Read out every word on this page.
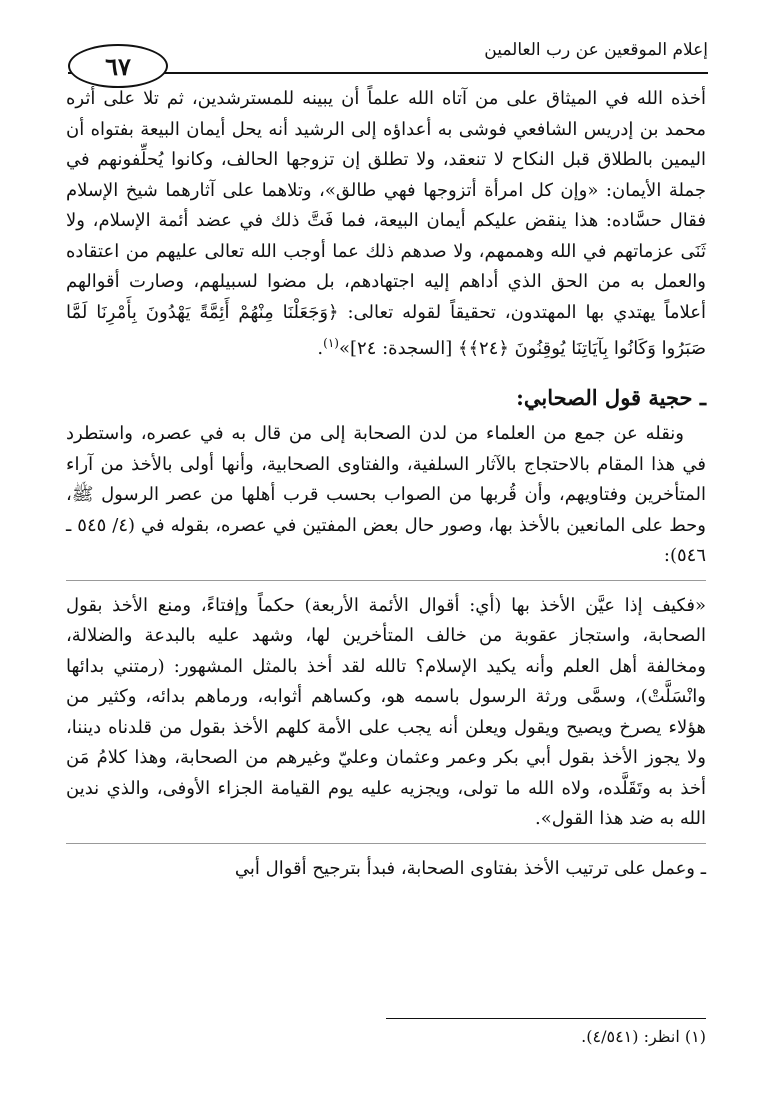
٦٧
إعلام الموقعين عن رب العالمين

أخذه الله في الميثاق على من آتاه الله علماً أن يبينه للمسترشدين، ثم تلا على أثره محمد بن إدريس الشافعي فوشى به أعداؤه إلى الرشيد أنه يحل أيمان البيعة بفتواه أن اليمين بالطلاق قبل النكاح لا تنعقد، ولا تطلق إن تزوجها الحالف، وكانوا يُحلِّفونهم في جملة الأيمان: «وإن كل امرأة أتزوجها فهي طالق»، وتلاهما على آثارهما شيخ الإسلام فقال حسَّاده: هذا ينقض عليكم أيمان البيعة، فما فَتَّ ذلك في عضد أئمة الإسلام، ولا ثَنَى عزماتهم في الله وهممهم، ولا صدهم ذلك عما أوجب الله تعالى عليهم من اعتقاده والعمل به من الحق الذي أداهم إليه اجتهادهم، بل مضوا لسبيلهم، وصارت أقوالهم أعلاماً يهتدي بها المهتدون، تحقيقاً لقوله تعالى: ﴿وَجَعَلْنَا مِنْهُمْ أَئِمَّةً يَهْدُونَ بِأَمْرِنَا لَمَّا صَبَرُوا وَكَانُوا بِآيَاتِنَا يُوقِنُونَ ﴿٢٤﴾﴾ [السجدة: ٢٤]»$^{(١)}$.

ـ حجية قول الصحابي:

ونقله عن جمع من العلماء من لدن الصحابة إلى من قال به في عصره، واستطرد في هذا المقام بالاحتجاج بالآثار السلفية، والفتاوى الصحابية، وأنها أولى بالأخذ من آراء المتأخرين وفتاويهم، وأن قُربها من الصواب بحسب قرب أهلها من عصر الرسول ﷺ، وحط على المانعين بالأخذ بها، وصور حال بعض المفتين في عصره، بقوله في (٤/ ٥٤٥ ـ ٥٤٦):

«فكيف إذا عيَّن الأخذ بها (أي: أقوال الأئمة الأربعة) حكماً وإفتاءً، ومنع الأخذ بقول الصحابة، واستجاز عقوبة من خالف المتأخرين لها، وشهد عليه بالبدعة والضلالة، ومخالفة أهل العلم وأنه يكيد الإسلام؟ تالله لقد أخذ بالمثل المشهور: (رمتني بدائها وانْسَلَّتْ)، وسمَّى ورثة الرسول باسمه هو، وكساهم أثوابه، ورماهم بدائه، وكثير من هؤلاء يصرخ ويصيح ويقول ويعلن أنه يجب على الأمة كلهم الأخذ بقول من قلدناه ديننا، ولا يجوز الأخذ بقول أبي بكر وعمر وعثمان وعليّ وغيرهم من الصحابة، وهذا كلامُ مَن أخذ به وتَقَلَّده، ولاه الله ما تولى، ويجزيه عليه يوم القيامة الجزاء الأوفى، والذي ندين الله به ضد هذا القول».

ـ وعمل على ترتيب الأخذ بفتاوى الصحابة، فبدأ بترجيح أقوال أبي

(١) انظر: (٤/٥٤١).
